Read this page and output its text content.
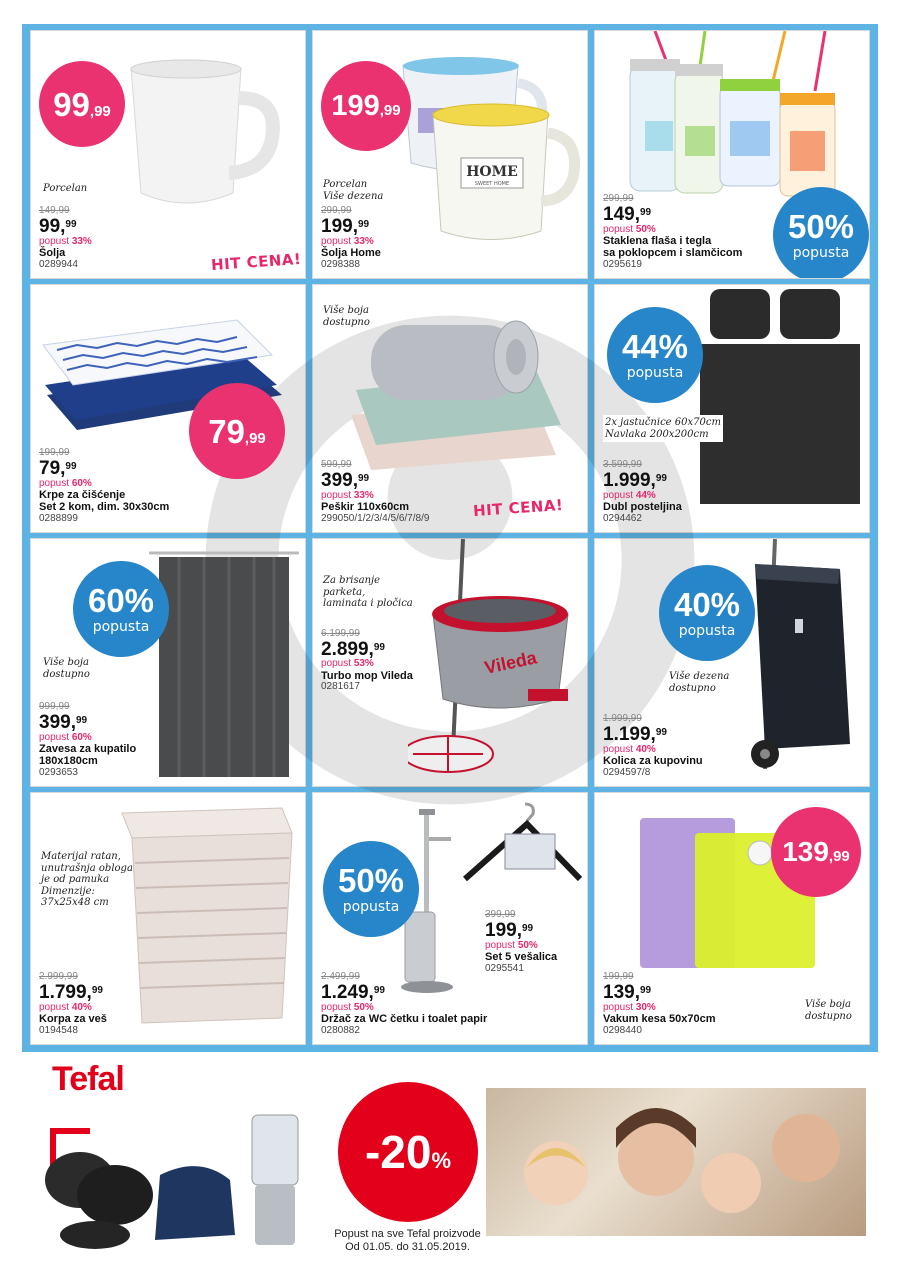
99,99
Porcelan
HIT CENA!
149,99
99,99
popust 33%
Šolja
0289944
HOME
SWEET HOME
199,99
Porcelan
Više dezena
299,99
199,99
popust 33%
Šolja Home
0298388
50%
popusta
299,99
149,99
popust 50%
Staklena flaša i tegla
sa poklopcem i slamčicom
0295619
79,99
199,99
79,99
popust 60%
Krpe za čišćenje
Set 2 kom, dim. 30x30cm
0288899
Više boja
dostupno
HIT CENA!
599,99
399,99
popust 33%
Peškir 110x60cm
299050/1/2/3/4/5/6/7/8/9
44%
popusta
2x jastučnice 60x70cm
Navlaka 200x200cm
3.599,99
1.999,99
popust 44%
Dubl posteljina
0294462
60%
popusta
Više boja
dostupno
999,99
399,99
popust 60%
Zavesa za kupatilo
180x180cm
0293653
Vileda
Za brisanje
parketa,
laminata i pločica
6.199,99
2.899,99
popust 53%
Turbo mop Vileda
0281617
40%
popusta
Više dezena
dostupno
1.999,99
1.199,99
popust 40%
Kolica za kupovinu
0294597/8
Materijal ratan,
unutrašnja obloga
je od pamuka
Dimenzije:
37x25x48 cm
2.999,99
1.799,99
popust 40%
Korpa za veš
0194548
50%
popusta
399,99
199,99
popust 50%
Set 5 vešalica
0295541
2.499,99
1.249,99
popust 50%
Držač za WC četku i toalet papir
0280882
139,99
Više boja
dostupno
199,99
139,99
popust 30%
Vakum kesa 50x70cm
0298440
Tefal
-20%
Popust na sve Tefal proizvode
Od 01.05. do 31.05.2019.
